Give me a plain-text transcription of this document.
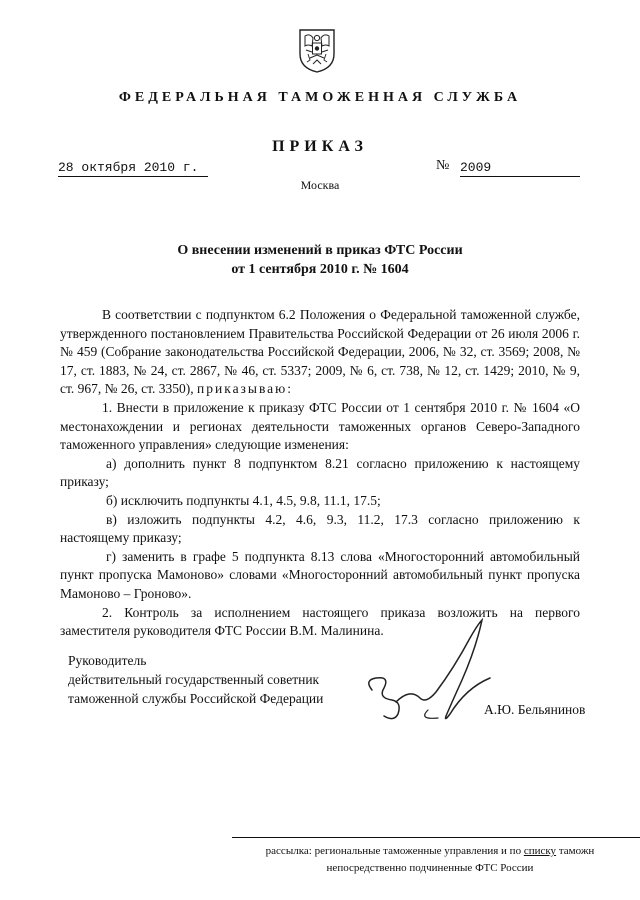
ФЕДЕРАЛЬНАЯ ТАМОЖЕННАЯ СЛУЖБА
ПРИКАЗ
28 октября 2010 г.	№ 2009
Москва
О внесении изменений в приказ ФТС России
от 1 сентября 2010 г. № 1604

В соответствии с подпунктом 6.2 Положения о Федеральной таможенной службе, утвержденного постановлением Правительства Российской Федерации от 26 июля 2006 г. № 459 (Собрание законодательства Российской Федерации, 2006, № 32, ст. 3569; 2008, № 17, ст. 1883, № 24, ст. 2867, № 46, ст. 5337; 2009, № 6, ст. 738, № 12, ст. 1429; 2010, № 9, ст. 967, № 26, ст. 3350), приказываю:

1. Внести в приложение к приказу ФТС России от 1 сентября 2010 г. № 1604 «О местонахождении и регионах деятельности таможенных органов Северо-Западного таможенного управления» следующие изменения:

а) дополнить пункт 8 подпунктом 8.21 согласно приложению к настоящему приказу;

б) исключить подпункты 4.1, 4.5, 9.8, 11.1, 17.5;

в) изложить подпункты 4.2, 4.6, 9.3, 11.2, 17.3 согласно приложению к настоящему приказу;

г) заменить в графе 5 подпункта 8.13 слова «Многосторонний автомобильный пункт пропуска Мамоново» словами «Многосторонний автомобильный пункт пропуска Мамоново – Гроново».

2. Контроль за исполнением настоящего приказа возложить на первого заместителя руководителя ФТС России В.М. Малинина.

Руководитель
действительный государственный советник
таможенной службы Российской Федерации
А.Ю. Бельянинов
рассылка: региональные таможенные управления и по списку таможн
непосредственно подчиненные ФТС России
